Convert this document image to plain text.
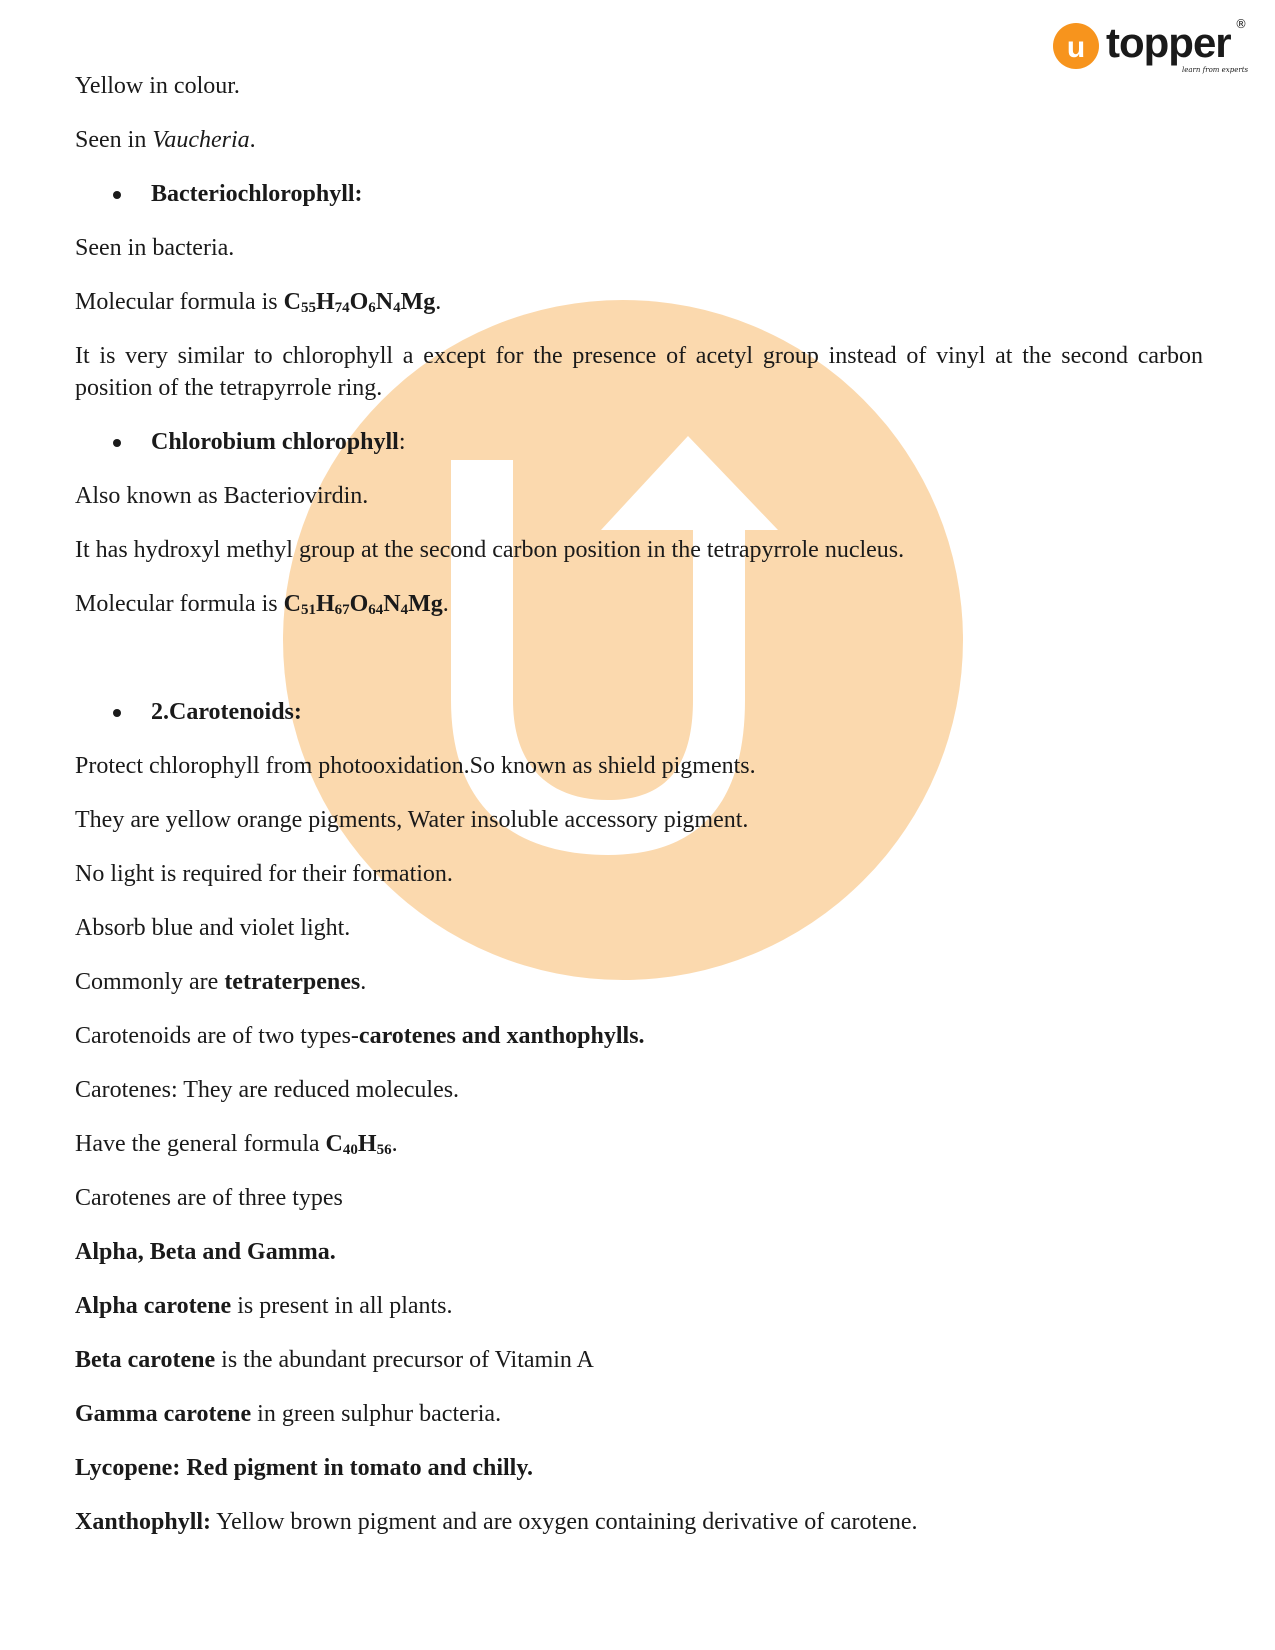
u topper ®
learn from experts

Yellow in colour.

Seen in Vaucheria.

Bacteriochlorophyll:

Seen in bacteria.

Molecular formula is $C_{55}H_{74}O_6N_4Mg$.

It is very similar to chlorophyll a except for the presence of acetyl group instead of vinyl at the second carbon position of the tetrapyrrole ring.

Chlorobium chlorophyll:

Also known as Bacteriovirdin.

It has hydroxyl methyl group at the second carbon position in the tetrapyrrole nucleus.

Molecular formula is $C_{51}H_{67}O_{64}N_4Mg$.

2.Carotenoids:

Protect chlorophyll from photooxidation.So known as shield pigments.

They are yellow orange pigments, Water insoluble accessory pigment.

No light is required for their formation.

Absorb blue and violet light.

Commonly are tetraterpenes.

Carotenoids are of two types-carotenes and xanthophylls.

Carotenes: They are reduced molecules.

Have the general formula $C_{40}H_{56}$.

Carotenes are of three types

Alpha, Beta and Gamma.

Alpha carotene is present in all plants.

Beta carotene is the abundant precursor of Vitamin A

Gamma carotene in green sulphur bacteria.

Lycopene: Red pigment in tomato and chilly.

Xanthophyll: Yellow brown pigment and are oxygen containing derivative of carotene.
